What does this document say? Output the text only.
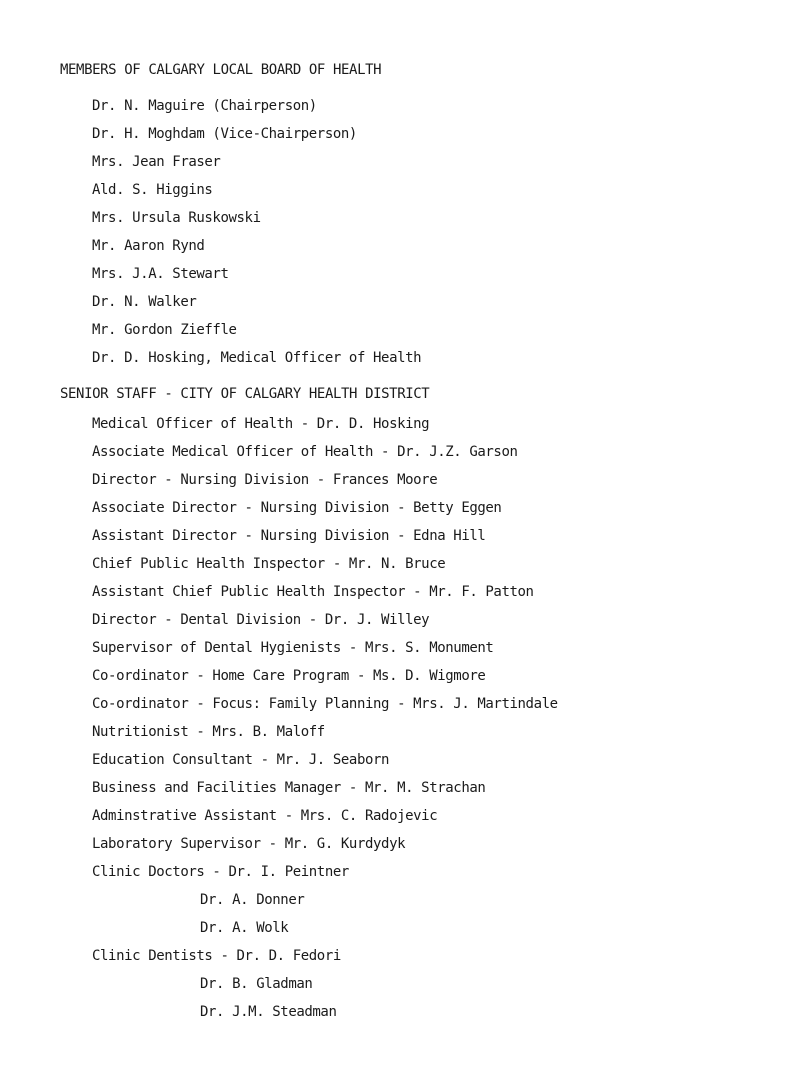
MEMBERS OF CALGARY LOCAL BOARD OF HEALTH
Dr. N. Maguire (Chairperson)
Dr. H. Moghdam (Vice-Chairperson)
Mrs. Jean Fraser
Ald. S. Higgins
Mrs. Ursula Ruskowski
Mr. Aaron Rynd
Mrs. J.A. Stewart
Dr. N. Walker
Mr. Gordon Zieffle
Dr. D. Hosking, Medical Officer of Health
SENIOR STAFF - CITY OF CALGARY HEALTH DISTRICT
Medical Officer of Health - Dr. D. Hosking
Associate Medical Officer of Health - Dr. J.Z. Garson
Director - Nursing Division - Frances Moore
Associate Director - Nursing Division - Betty Eggen
Assistant Director - Nursing Division - Edna Hill
Chief Public Health Inspector - Mr. N. Bruce
Assistant Chief Public Health Inspector - Mr. F. Patton
Director - Dental Division - Dr. J. Willey
Supervisor of Dental Hygienists - Mrs. S. Monument
Co-ordinator - Home Care Program - Ms. D. Wigmore
Co-ordinator - Focus: Family Planning - Mrs. J. Martindale
Nutritionist - Mrs. B. Maloff
Education Consultant - Mr. J. Seaborn
Business and Facilities Manager - Mr. M. Strachan
Adminstrative Assistant - Mrs. C. Radojevic
Laboratory Supervisor - Mr. G. Kurdydyk
Clinic Doctors - Dr. I. Peintner
Dr. A. Donner
Dr. A. Wolk
Clinic Dentists - Dr. D. Fedori
Dr. B. Gladman
Dr. J.M. Steadman
